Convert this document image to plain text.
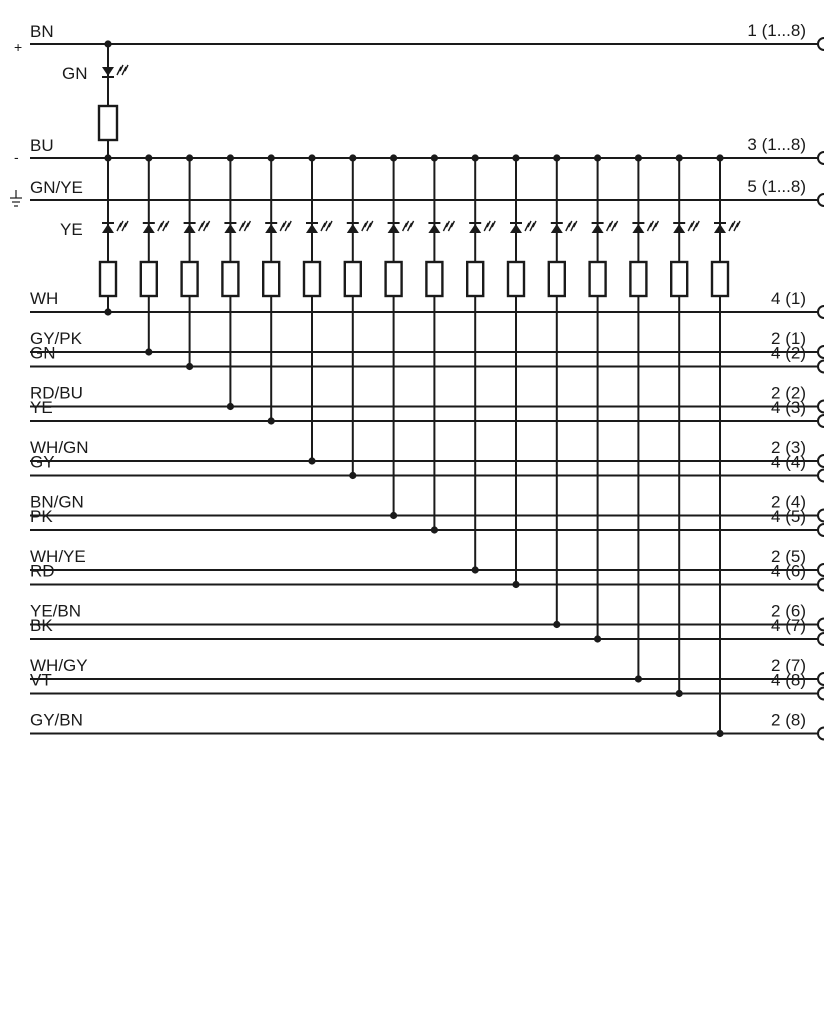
BN	1 (1...8)
BU	3 (1...8)
GN/YE	5 (1...8)
+
-
GN
WH	4 (1)
GY/PK	2 (1)
GN	4 (2)
RD/BU	2 (2)
YE	4 (3)
WH/GN	2 (3)
GY	4 (4)
BN/GN	2 (4)
PK	4 (5)
WH/YE	2 (5)
RD	4 (6)
YE/BN	2 (6)
BK	4 (7)
WH/GY	2 (7)
VT	4 (8)
GY/BN	2 (8)
YE
